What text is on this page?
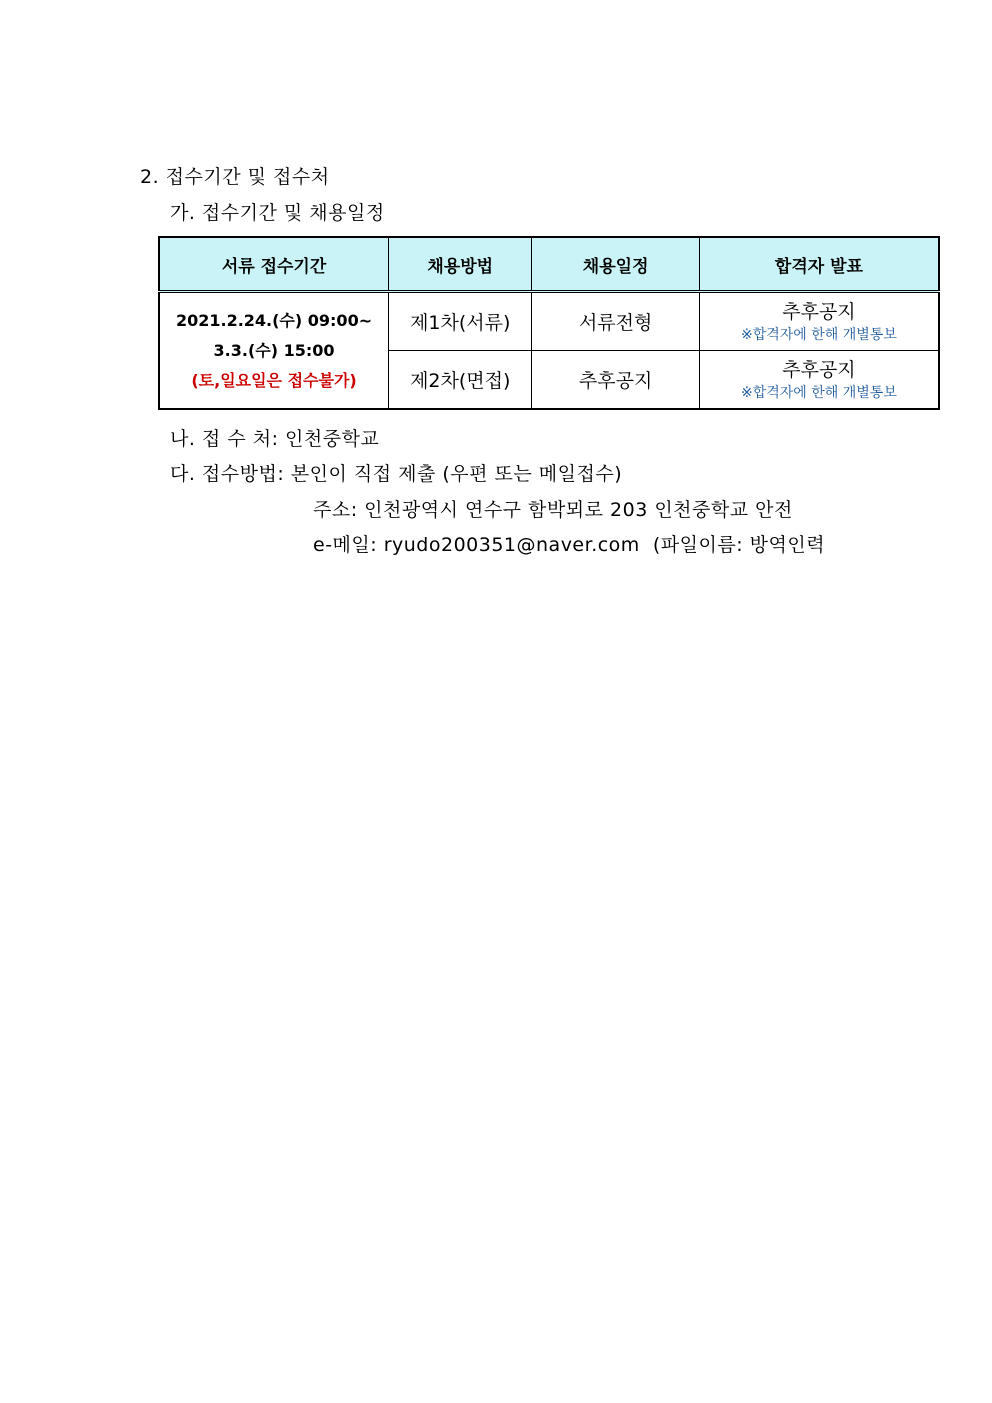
2. 접수기간 및 접수처
가. 접수기간 및 채용일정
서류 접수기간	채용방법	채용일정	합격자 발표

2021.2.24.(수) 09:00~
3.3.(수) 15:00
(토,일요일은 접수불가)	제1차(서류)	서류전형	추후공지
※합격자에 한해 개별통보

	제2차(면접)	추후공지	추후공지
※합격자에 한해 개별통보
나. 접 수 처: 인천중학교
다. 접수방법: 본인이 직접 제출 (우편 또는 메일접수)
주소: 인천광역시 연수구 함박뫼로 203 인천중학교 안전
e-메일: ryudo200351@naver.com  (파일이름: 방역인력
